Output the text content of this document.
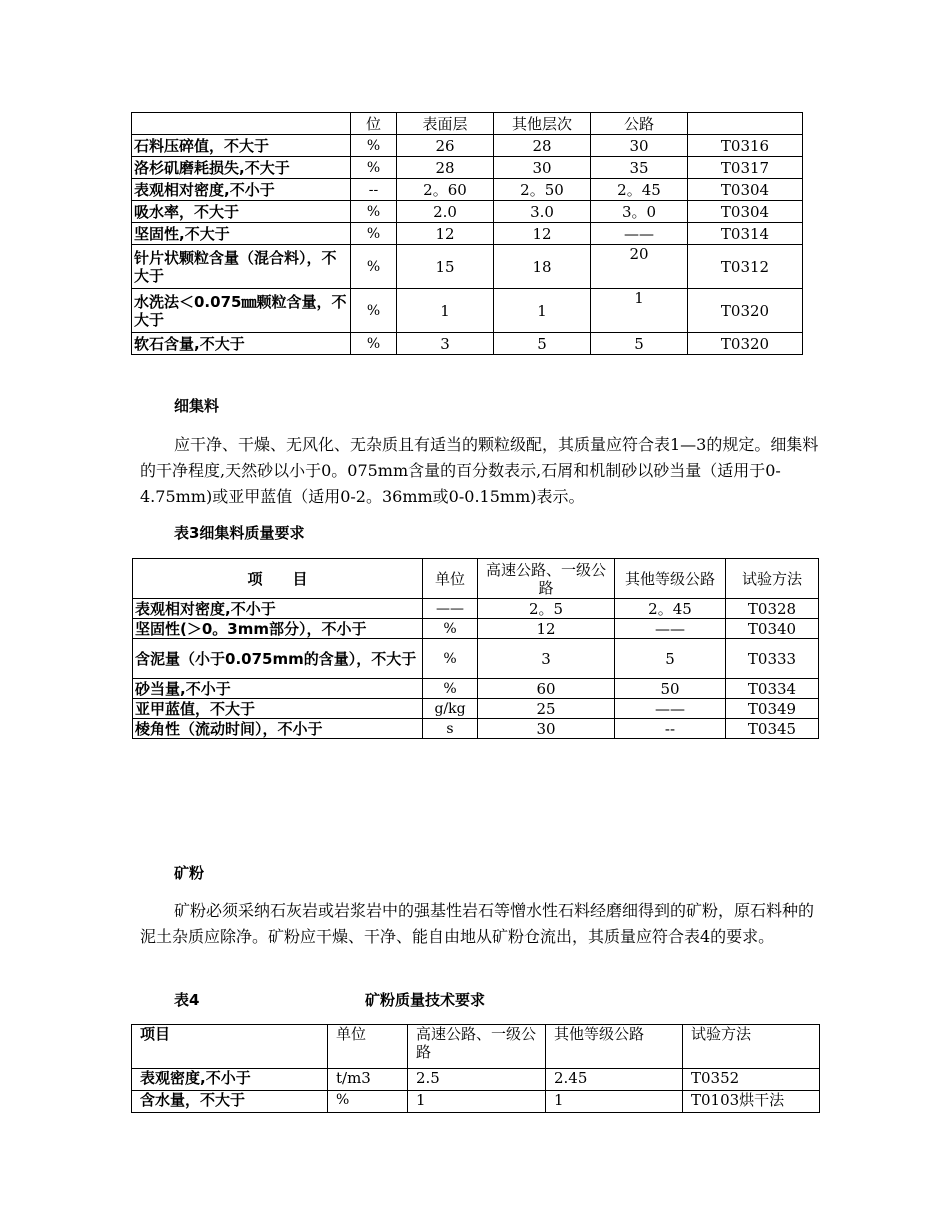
	位	表面层	其他层次	公路	
石料压碎值，不大于	%	26	28	30	T0316
洛杉矶磨耗损失,不大于	%	28	30	35	T0317
表观相对密度,不小于	--	2。60	2。50	2。45	T0304
吸水率，不大于	%	2.0	3.0	3。0	T0304
坚固性,不大于	%	12	12	——	T0314
针片状颗粒含量（混合料），不大于	%	15	18	20	T0312
水洗法＜0.075㎜颗粒含量，不大于	%	1	1	1	T0320
软石含量,不大于	%	3	5	5	T0320
细集料

应干净、干燥、无风化、无杂质且有适当的颗粒级配，其质量应符合表1—3的规定。细集料的干净程度,天然砂以小于0。075mm含量的百分数表示,石屑和机制砂以砂当量（适用于0-4.75mm)或亚甲蓝值（适用0-2。36mm或0-0.15mm)表示。

表3细集料质量要求
项　　目	单位	高速公路、一级公路	其他等级公路	试验方法
表观相对密度,不小于	——	2。5	2。45	T0328
坚固性(＞0。3mm部分），不小于	%	12	——	T0340
含泥量（小于0.075mm的含量），不大于	%	3	5	T0333
砂当量,不小于	%	60	50	T0334
亚甲蓝值，不大于	g/kg	25	——	T0349
棱角性（流动时间），不小于	s	30	--	T0345
矿粉

矿粉必须采纳石灰岩或岩浆岩中的强基性岩石等憎水性石料经磨细得到的矿粉，原石料种的泥土杂质应除净。矿粉应干燥、干净、能自由地从矿粉仓流出，其质量应符合表4的要求。

表4	矿粉质量技术要求
项目	单位	高速公路、一级公路	其他等级公路	试验方法
表观密度,不小于	t/m3	2.5	2.45	T0352
含水量，不大于	%	1	1	T0103烘干法
